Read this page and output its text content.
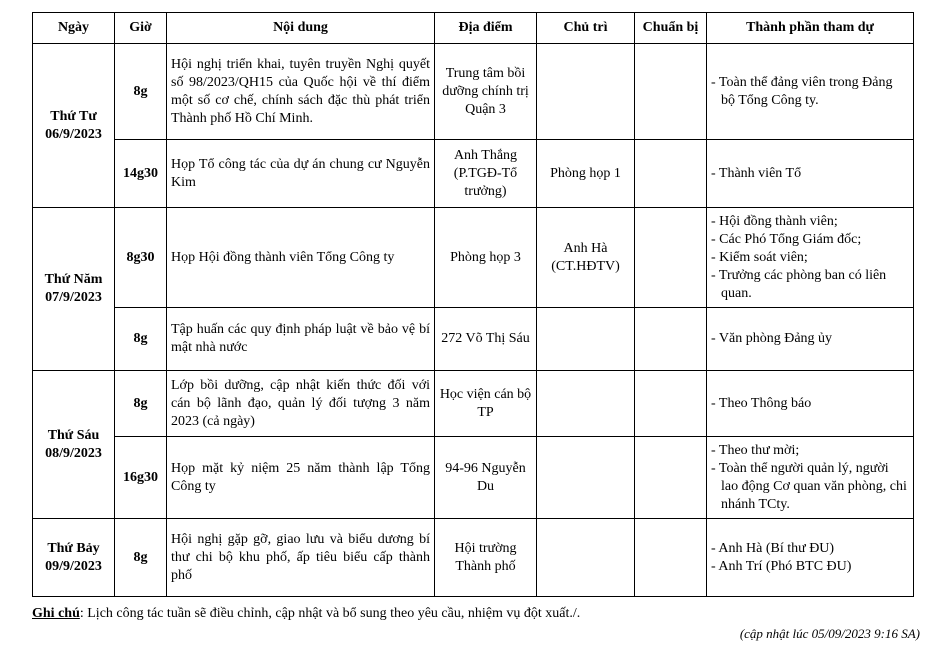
Ngày	Giờ	Nội dung	Địa điểm	Chủ trì	Chuẩn bị	Thành phần tham dự

Thứ Tư
06/9/2023	8g	Hội nghị triển khai, tuyên truyền Nghị quyết số 98/2023/QH15 của Quốc hội về thí điểm một số cơ chế, chính sách đặc thù phát triển Thành phố Hồ Chí Minh.	Trung tâm bồi dưỡng chính trị Quận 3			- Toàn thể đảng viên trong Đảng bộ Tổng Công ty.

	14g30	Họp Tổ công tác của dự án chung cư Nguyễn Kim	Anh Thắng (P.TGĐ-Tổ trưởng)	Phòng họp 1		- Thành viên Tổ

Thứ Năm
07/9/2023	8g30	Họp Hội đồng thành viên Tổng Công ty	Phòng họp 3	Anh Hà (CT.HĐTV)		- Hội đồng thành viên;
- Các Phó Tổng Giám đốc;
- Kiểm soát viên;
- Trưởng các phòng ban có liên quan.

	8g	Tập huấn các quy định pháp luật về bảo vệ bí mật nhà nước	272 Võ Thị Sáu			- Văn phòng Đảng ủy

Thứ Sáu
08/9/2023	8g	Lớp bồi dưỡng, cập nhật kiến thức đối với cán bộ lãnh đạo, quản lý đối tượng 3 năm 2023 (cả ngày)	Học viện cán bộ TP			- Theo Thông báo

	16g30	Họp mặt kỷ niệm 25 năm thành lập Tổng Công ty	94-96 Nguyễn Du			- Theo thư mời;
- Toàn thể người quản lý, người lao động Cơ quan văn phòng, chi nhánh TCty.

Thứ Bảy
09/9/2023	8g	Hội nghị gặp gỡ, giao lưu và biểu dương bí thư chi bộ khu phố, ấp tiêu biểu cấp thành phố	Hội trường Thành phố			- Anh Hà (Bí thư ĐU)
- Anh Trí (Phó BTC ĐU)
Ghi chú: Lịch công tác tuần sẽ điều chỉnh, cập nhật và bổ sung theo yêu cầu, nhiệm vụ đột xuất./.
(cập nhật lúc 05/09/2023 9:16 SA)
